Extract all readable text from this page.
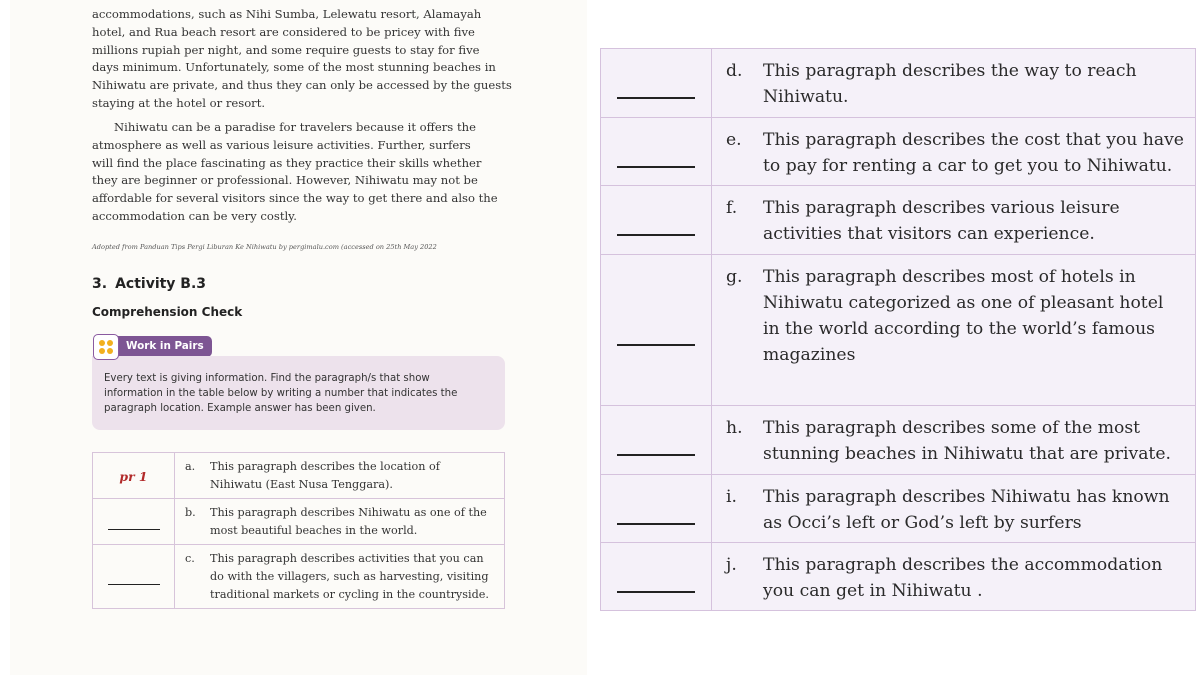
accommodations, such as Nihi Sumba, Lelewatu resort, Alamayah
hotel, and Rua beach resort are considered to be pricey with five
millions rupiah per night, and some require guests to stay for five
days minimum. Unfortunately, some of the most stunning beaches in
Nihiwatu are private, and thus they can only be accessed by the guests
staying at the hotel or resort.
Nihiwatu can be a paradise for travelers because it offers the
atmosphere as well as various leisure activities. Further, surfers
will find the place fascinating as they practice their skills whether
they are beginner or professional. However, Nihiwatu may not be
affordable for several visitors since the way to get there and also the
accommodation can be very costly.
Adopted from Panduan Tips Pergi Liburan Ke Nihiwatu by pergimalu.com (accessed on 25th May 2022
3. Activity B.3
Comprehension Check
Work in Pairs
Every text is giving information. Find the paragraph/s that show
information in the table below by writing a number that indicates the
paragraph location. Example answer has been given.
pr 1	a. This paragraph describes the location of
Nihiwatu (East Nusa Tenggara).

	b. This paragraph describes Nihiwatu as one of the
most beautiful beaches in the world.

	c. This paragraph describes activities that you can
do with the villagers, such as harvesting, visiting
traditional markets or cycling in the countryside.

	d. This paragraph describes the way to reach
Nihiwatu.

	e. This paragraph describes the cost that you have
to pay for renting a car to get you to Nihiwatu.

	f. This paragraph describes various leisure
activities that visitors can experience.

	g. This paragraph describes most of hotels in
Nihiwatu categorized as one of pleasant hotel
in the world according to the world’s famous
magazines

	h. This paragraph describes some of the most
stunning beaches in Nihiwatu that are private.

	i. This paragraph describes Nihiwatu has known
as Occi’s left or God’s left by surfers

	j. This paragraph describes the accommodation
you can get in Nihiwatu .
